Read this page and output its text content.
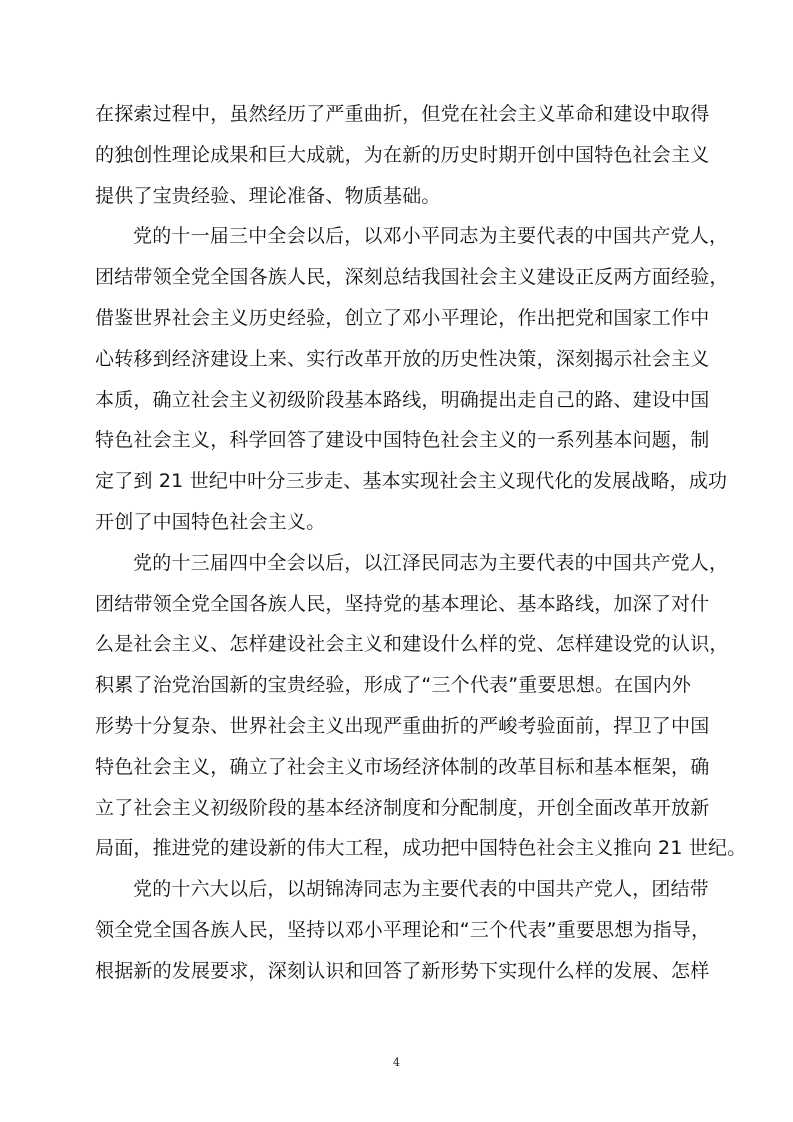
在探索过程中，虽然经历了严重曲折，但党在社会主义革命和建设中取得
的独创性理论成果和巨大成就，为在新的历史时期开创中国特色社会主义
提供了宝贵经验、理论准备、物质基础。
党的十一届三中全会以后，以邓小平同志为主要代表的中国共产党人，
团结带领全党全国各族人民，深刻总结我国社会主义建设正反两方面经验，
借鉴世界社会主义历史经验，创立了邓小平理论，作出把党和国家工作中
心转移到经济建设上来、实行改革开放的历史性决策，深刻揭示社会主义
本质，确立社会主义初级阶段基本路线，明确提出走自己的路、建设中国
特色社会主义，科学回答了建设中国特色社会主义的一系列基本问题，制
定了到 21 世纪中叶分三步走、基本实现社会主义现代化的发展战略，成功
开创了中国特色社会主义。
党的十三届四中全会以后，以江泽民同志为主要代表的中国共产党人，
团结带领全党全国各族人民，坚持党的基本理论、基本路线，加深了对什
么是社会主义、怎样建设社会主义和建设什么样的党、怎样建设党的认识，
积累了治党治国新的宝贵经验，形成了“三个代表”重要思想。在国内外
形势十分复杂、世界社会主义出现严重曲折的严峻考验面前，捍卫了中国
特色社会主义，确立了社会主义市场经济体制的改革目标和基本框架，确
立了社会主义初级阶段的基本经济制度和分配制度，开创全面改革开放新
局面，推进党的建设新的伟大工程，成功把中国特色社会主义推向 21 世纪。
党的十六大以后，以胡锦涛同志为主要代表的中国共产党人，团结带
领全党全国各族人民，坚持以邓小平理论和“三个代表”重要思想为指导，
根据新的发展要求，深刻认识和回答了新形势下实现什么样的发展、怎样
4
